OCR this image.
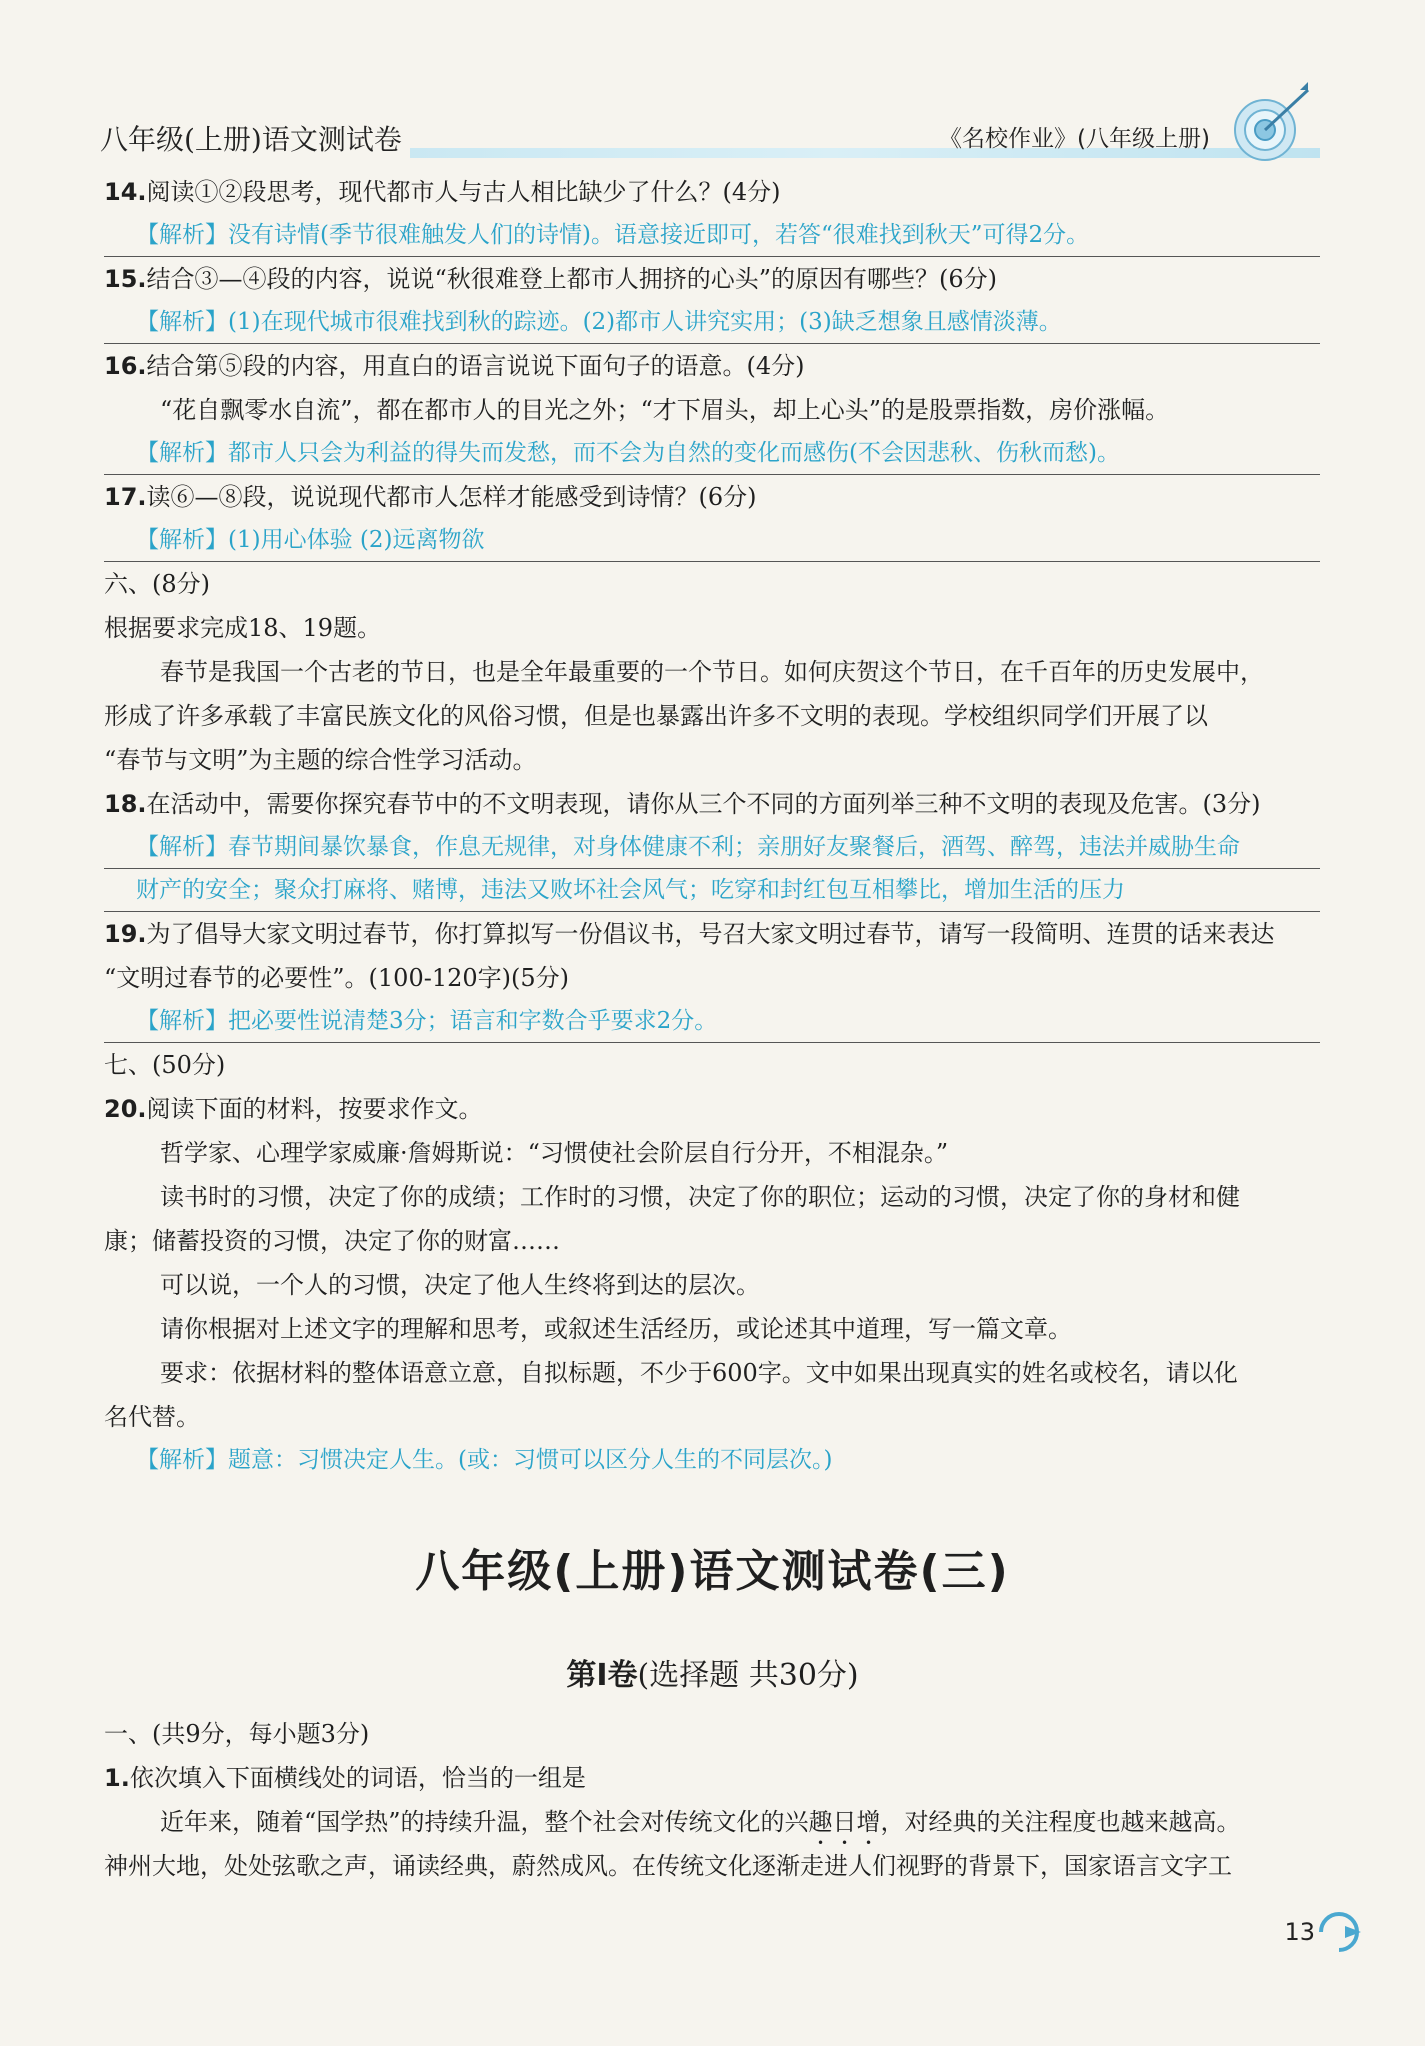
八年级(上册)语文测试卷	《名校作业》(八年级上册)
14.阅读①②段思考，现代都市人与古人相比缺少了什么？(4分)
【解析】没有诗情(季节很难触发人们的诗情)。语意接近即可，若答“很难找到秋天”可得2分。
15.结合③—④段的内容，说说“秋很难登上都市人拥挤的心头”的原因有哪些？(6分)
【解析】(1)在现代城市很难找到秋的踪迹。(2)都市人讲究实用；(3)缺乏想象且感情淡薄。
16.结合第⑤段的内容，用直白的语言说说下面句子的语意。(4分)
“花自飘零水自流”，都在都市人的目光之外；“才下眉头，却上心头”的是股票指数，房价涨幅。
【解析】都市人只会为利益的得失而发愁，而不会为自然的变化而感伤(不会因悲秋、伤秋而愁)。
17.读⑥—⑧段，说说现代都市人怎样才能感受到诗情？(6分)
【解析】(1)用心体验 (2)远离物欲
六、(8分)
根据要求完成18、19题。
春节是我国一个古老的节日，也是全年最重要的一个节日。如何庆贺这个节日，在千百年的历史发展中，
形成了许多承载了丰富民族文化的风俗习惯，但是也暴露出许多不文明的表现。学校组织同学们开展了以
“春节与文明”为主题的综合性学习活动。
18.在活动中，需要你探究春节中的不文明表现，请你从三个不同的方面列举三种不文明的表现及危害。(3分)
【解析】春节期间暴饮暴食，作息无规律，对身体健康不利；亲朋好友聚餐后，酒驾、醉驾，违法并威胁生命
财产的安全；聚众打麻将、赌博，违法又败坏社会风气；吃穿和封红包互相攀比，增加生活的压力
19.为了倡导大家文明过春节，你打算拟写一份倡议书，号召大家文明过春节，请写一段简明、连贯的话来表达
“文明过春节的必要性”。(100-120字)(5分)
【解析】把必要性说清楚3分；语言和字数合乎要求2分。
七、(50分)
20.阅读下面的材料，按要求作文。
哲学家、心理学家威廉·詹姆斯说：“习惯使社会阶层自行分开，不相混杂。”
读书时的习惯，决定了你的成绩；工作时的习惯，决定了你的职位；运动的习惯，决定了你的身材和健
康；储蓄投资的习惯，决定了你的财富……
可以说，一个人的习惯，决定了他人生终将到达的层次。
请你根据对上述文字的理解和思考，或叙述生活经历，或论述其中道理，写一篇文章。
要求：依据材料的整体语意立意，自拟标题，不少于600字。文中如果出现真实的姓名或校名，请以化
名代替。
【解析】题意：习惯决定人生。(或：习惯可以区分人生的不同层次。)
八年级(上册)语文测试卷(三)
第Ⅰ卷(选择题 共30分)
一、(共9分，每小题3分)
1.依次填入下面横线处的词语，恰当的一组是
近年来，随着“国学热”的持续升温，整个社会对传统文化的兴趣日增，对经典的关注程度也越来越高。
神州大地，处处弦歌之声，诵读经典，蔚然成风。在传统文化逐渐走进人们视野的背景下，国家语言文字工
13
